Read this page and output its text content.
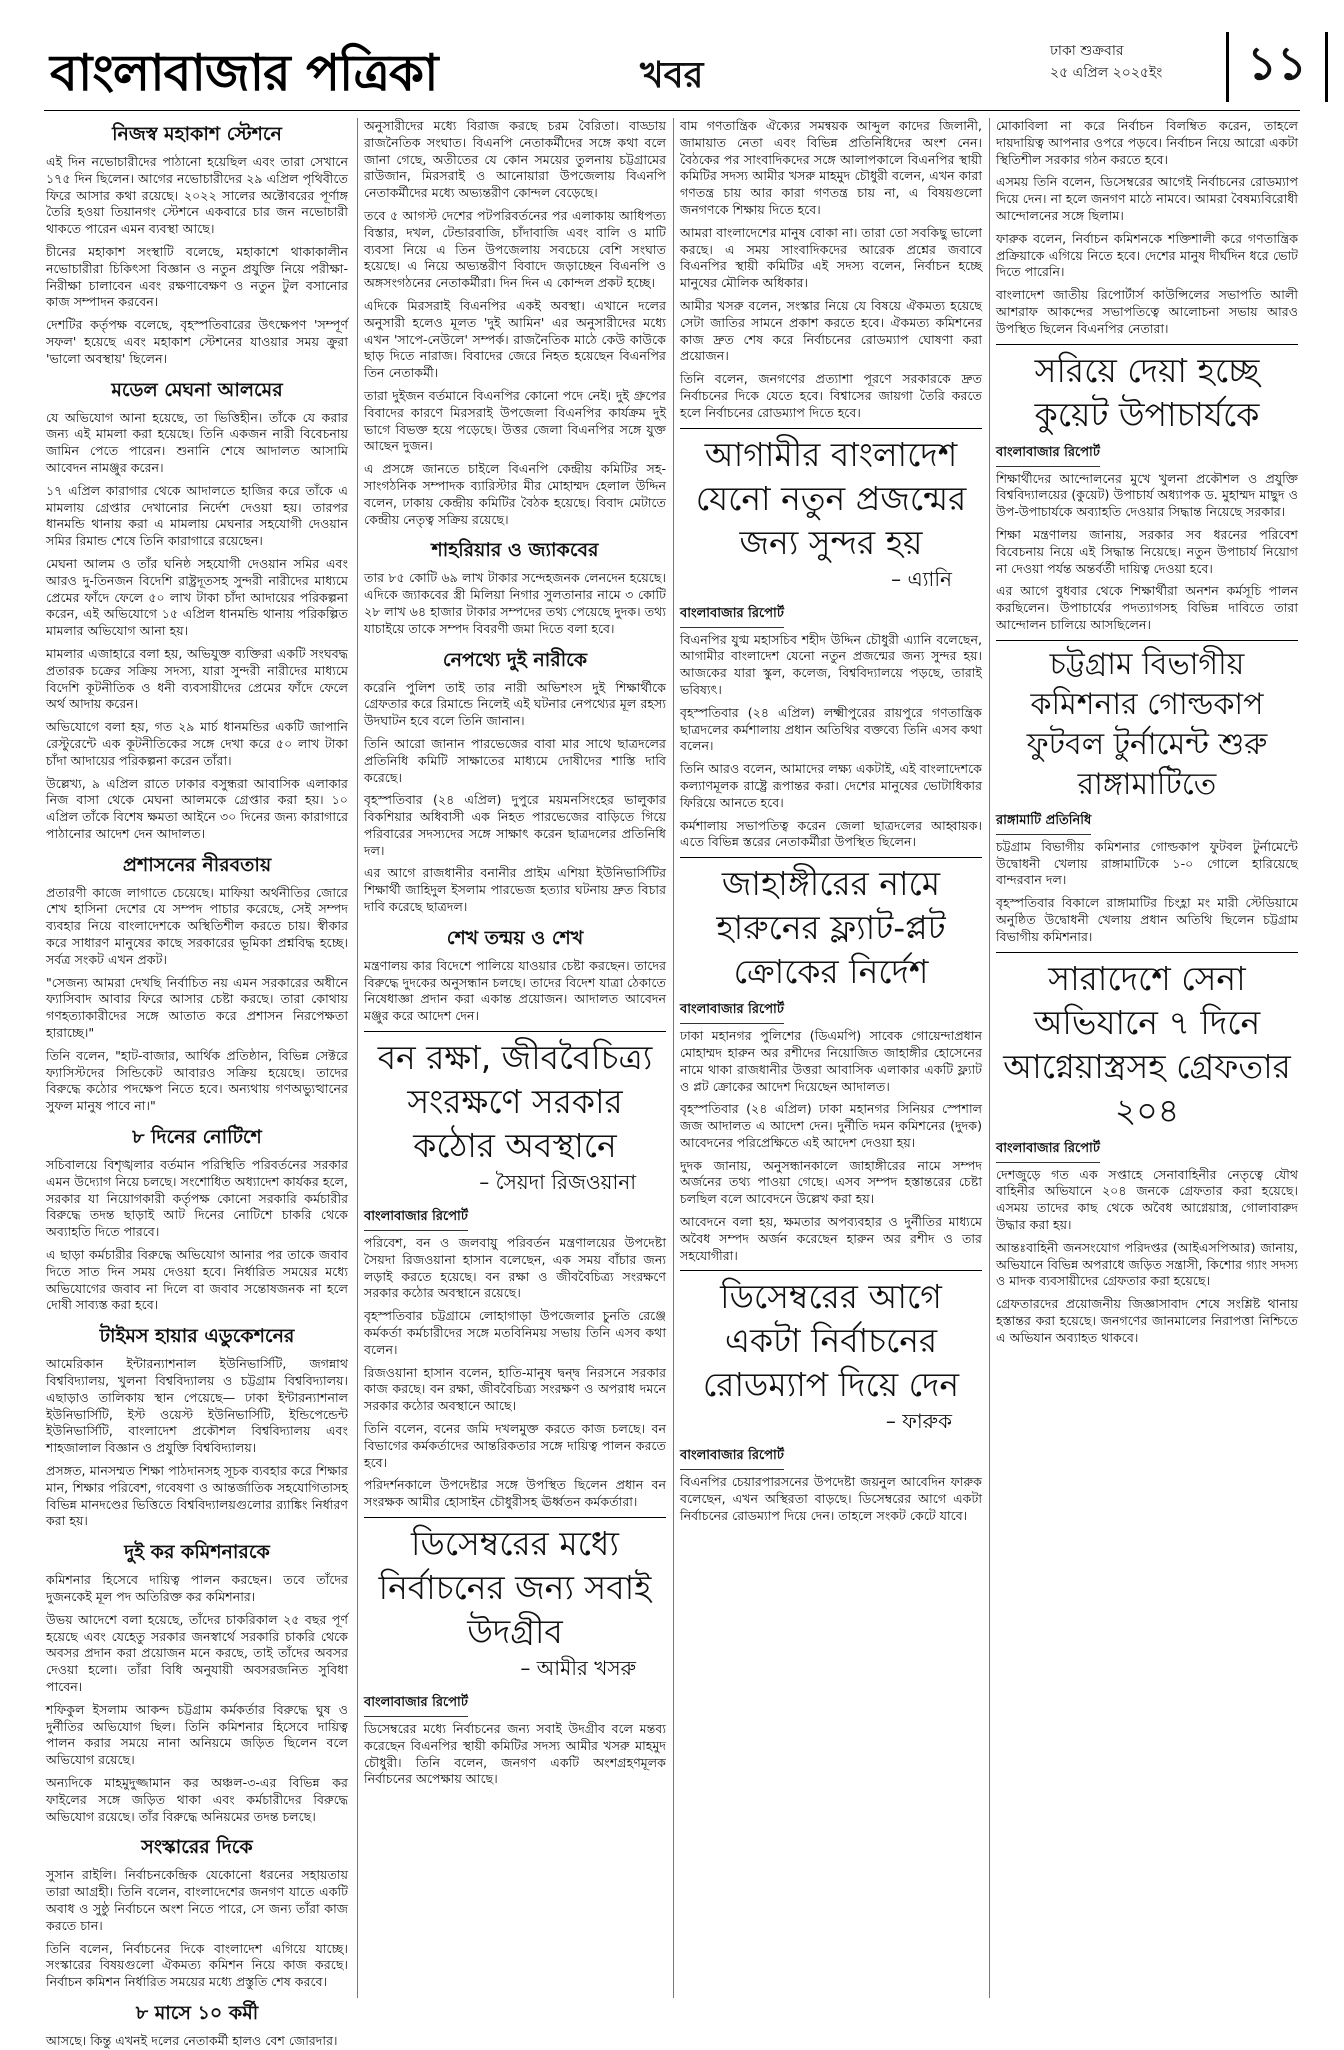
বাংলাবাজার পত্রিকা	খবর
ঢাকা শুক্রবার
২৫ এপ্রিল ২০২৫ইং	১১
নিজস্ব মহাকাশ স্টেশনে

এই দিন নভোচারীদের পাঠানো হয়েছিল এবং তারা সেখানে ১৭৫ দিন ছিলেন। আগের নভোচারীদের ২৯ এপ্রিল পৃথিবীতে ফিরে আসার কথা রয়েছে। ২০২২ সালের অক্টোবরের পূর্ণাঙ্গ তৈরি হওয়া তিয়ানগং স্টেশনে একবারে চার জন নভোচারী থাকতে পারেন এমন ব্যবস্থা আছে।

চীনের মহাকাশ সংস্থাটি বলেছে, মহাকাশে থাকাকালীন নভোচারীরা চিকিৎসা বিজ্ঞান ও নতুন প্রযুক্তি নিয়ে পরীক্ষা-নিরীক্ষা চালাবেন এবং রক্ষণাবেক্ষণ ও নতুন টুল বসানোর কাজ সম্পাদন করবেন।

দেশটির কর্তৃপক্ষ বলেছে, বৃহস্পতিবারের উৎক্ষেপণ 'সম্পূর্ণ সফল' হয়েছে এবং মহাকাশ স্টেশনের যাওয়ার সময় ক্রুরা 'ভালো অবস্থায়' ছিলেন।

মডেল মেঘনা আলমের

যে অভিযোগ আনা হয়েছে, তা ভিত্তিহীন। তাঁকে যে করার জন্য এই মামলা করা হয়েছে। তিনি একজন নারী বিবেচনায় জামিন পেতে পারেন। শুনানি শেষে আদালত আসামি আবেদন নামঞ্জুর করেন।

১৭ এপ্রিল কারাগার থেকে আদালতে হাজির করে তাঁকে এ মামলায় গ্রেপ্তার দেখানোর নির্দেশ দেওয়া হয়। তারপর ধানমন্ডি থানায় করা এ মামলায় মেঘনার সহযোগী দেওয়ান সমির রিমান্ড শেষে তিনি কারাগারে রয়েছেন।

মেঘনা আলম ও তাঁর ঘনিষ্ঠ সহযোগী দেওয়ান সমির এবং আরও দু-তিনজন বিদেশি রাষ্ট্রদূতসহ সুন্দরী নারীদের মাধ্যমে প্রেমের ফাঁদে ফেলে ৫০ লাখ টাকা চাঁদা আদায়ের পরিকল্পনা করেন, এই অভিযোগে ১৫ এপ্রিল ধানমন্ডি থানায় পরিকল্পিত মামলার অভিযোগ আনা হয়।

মামলার এজাহারে বলা হয়, অভিযুক্ত ব্যক্তিরা একটি সংঘবদ্ধ প্রতারক চক্রের সক্রিয় সদস্য, যারা সুন্দরী নারীদের মাধ্যমে বিদেশি কূটনীতিক ও ধনী ব্যবসায়ীদের প্রেমের ফাঁদে ফেলে অর্থ আদায় করেন।

অভিযোগে বলা হয়, গত ২৯ মার্চ ধানমন্ডির একটি জাপানি রেস্টুরেন্টে এক কূটনীতিকের সঙ্গে দেখা করে ৫০ লাখ টাকা চাঁদা আদায়ের পরিকল্পনা করেন তাঁরা।

উল্লেখ্য, ৯ এপ্রিল রাতে ঢাকার বসুন্ধরা আবাসিক এলাকার নিজ বাসা থেকে মেঘনা আলমকে গ্রেপ্তার করা হয়। ১০ এপ্রিল তাঁকে বিশেষ ক্ষমতা আইনে ৩০ দিনের জন্য কারাগারে পাঠানোর আদেশ দেন আদালত।

প্রশাসনের নীরবতায়

প্রতারণী কাজে লাগাতে চেয়েছে। মাফিয়া অর্থনীতির জোরে শেখ হাসিনা দেশের যে সম্পদ পাচার করেছে, সেই সম্পদ ব্যবহার নিয়ে বাংলাদেশকে অস্থিতিশীল করতে চায়। স্বীকার করে সাধারণ মানুষের কাছে সরকারের ভূমিকা প্রশ্নবিদ্ধ হচ্ছে। সর্বত্র সংকট এখন প্রকট।

"সেজন্য আমরা দেখছি নির্বাচিত নয় এমন সরকারের অধীনে ফ্যাসিবাদ আবার ফিরে আসার চেষ্টা করছে। তারা কোথায় গণহত্যাকারীদের সঙ্গে আতাত করে প্রশাসন নিরপেক্ষতা হারাচ্ছে।"

তিনি বলেন, "হাট-বাজার, আর্থিক প্রতিষ্ঠান, বিভিন্ন সেক্টরে ফ্যাসিস্টদের সিন্ডিকেট আবারও সক্রিয় হয়েছে। তাদের বিরুদ্ধে কঠোর পদক্ষেপ নিতে হবে। অন্যথায় গণঅভ্যুত্থানের সুফল মানুষ পাবে না।"

৮ দিনের নোটিশে

সচিবালয়ে বিশৃঙ্খলার বর্তমান পরিস্থিতি পরিবর্তনের সরকার এমন উদ্যোগ নিয়ে চলছে। সংশোধিত অধ্যাদেশ কার্যকর হলে, সরকার যা নিয়োগকারী কর্তৃপক্ষ কোনো সরকারি কর্মচারীর বিরুদ্ধে তদন্ত ছাড়াই আট দিনের নোটিশে চাকরি থেকে অব্যাহতি দিতে পারবে।

এ ছাড়া কর্মচারীর বিরুদ্ধে অভিযোগ আনার পর তাকে জবাব দিতে সাত দিন সময় দেওয়া হবে। নির্ধারিত সময়ের মধ্যে অভিযোগের জবাব না দিলে বা জবাব সন্তোষজনক না হলে দোষী সাব্যস্ত করা হবে।

টাইমস হায়ার এডুকেশনের

আমেরিকান ইন্টারন্যাশনাল ইউনিভার্সিটি, জগন্নাথ বিশ্ববিদ্যালয়, খুলনা বিশ্ববিদ্যালয় ও চট্টগ্রাম বিশ্ববিদ্যালয়। এছাড়াও তালিকায় স্থান পেয়েছে— ঢাকা ইন্টারন্যাশনাল ইউনিভার্সিটি, ইস্ট ওয়েস্ট ইউনিভার্সিটি, ইন্ডিপেন্ডেন্ট ইউনিভার্সিটি, বাংলাদেশ প্রকৌশল বিশ্ববিদ্যালয় এবং শাহজালাল বিজ্ঞান ও প্রযুক্তি বিশ্ববিদ্যালয়।

প্রসঙ্গত, মানসম্মত শিক্ষা পাঠদানসহ সূচক ব্যবহার করে শিক্ষার মান, শিক্ষার পরিবেশ, গবেষণা ও আন্তর্জাতিক সহযোগিতাসহ বিভিন্ন মানদণ্ডের ভিত্তিতে বিশ্ববিদ্যালয়গুলোর র‍্যাঙ্কিং নির্ধারণ করা হয়।

দুই কর কমিশনারকে

কমিশনার হিসেবে দায়িত্ব পালন করছেন। তবে তাঁদের দুজনকেই মূল পদ অতিরিক্ত কর কমিশনার।

উভয় আদেশে বলা হয়েছে, তাঁদের চাকরিকাল ২৫ বছর পূর্ণ হয়েছে এবং যেহেতু সরকার জনস্বার্থে সরকারি চাকরি থেকে অবসর প্রদান করা প্রয়োজন মনে করছে, তাই তাঁদের অবসর দেওয়া হলো। তাঁরা বিধি অনুযায়ী অবসরজনিত সুবিধা পাবেন।

শফিকুল ইসলাম আকন্দ চট্টগ্রাম কর্মকর্তার বিরুদ্ধে ঘুষ ও দুর্নীতির অভিযোগ ছিল। তিনি কমিশনার হিসেবে দায়িত্ব পালন করার সময়ে নানা অনিয়মে জড়িত ছিলেন বলে অভিযোগ রয়েছে।

অন্যদিকে মাহমুদুজ্জামান কর অঞ্চল-৩-এর বিভিন্ন কর ফাইলের সঙ্গে জড়িত থাকা এবং কর্মচারীদের বিরুদ্ধে অভিযোগ রয়েছে। তাঁর বিরুদ্ধে অনিয়মের তদন্ত চলছে।

সংস্কারের দিকে

সুসান রাইলি। নির্বাচনকেন্দ্রিক যেকোনো ধরনের সহায়তায় তারা আগ্রহী। তিনি বলেন, বাংলাদেশের জনগণ যাতে একটি অবাধ ও সুষ্ঠু নির্বাচনে অংশ নিতে পারে, সে জন্য তাঁরা কাজ করতে চান।

তিনি বলেন, নির্বাচনের দিকে বাংলাদেশ এগিয়ে যাচ্ছে। সংস্কারের বিষয়গুলো ঐকমত্য কমিশন নিয়ে কাজ করছে। নির্বাচন কমিশন নির্ধারিত সময়ের মধ্যে প্রস্তুতি শেষ করবে।

৮ মাসে ১০ কর্মী

আসছে। কিন্তু এখনই দলের নেতাকর্মী হালও বেশ জোরদার।

অনুসারীদের মধ্যে বিরাজ করছে চরম বৈরিতা। বাড্ডায় রাজনৈতিক সংঘাত। বিএনপি নেতাকর্মীদের সঙ্গে কথা বলে জানা গেছে, অতীতের যে কোন সময়ের তুলনায় চট্টগ্রামের রাউজান, মিরসরাই ও আনোয়ারা উপজেলায় বিএনপি নেতাকর্মীদের মধ্যে অভ্যন্তরীণ কোন্দল বেড়েছে।

তবে ৫ আগস্ট দেশের পটপরিবর্তনের পর এলাকায় আধিপত্য বিস্তার, দখল, টেন্ডারবাজি, চাঁদাবাজি এবং বালি ও মাটি ব্যবসা নিয়ে এ তিন উপজেলায় সবচেয়ে বেশি সংঘাত হয়েছে। এ নিয়ে অভ্যন্তরীণ বিবাদে জড়াচ্ছেন বিএনপি ও অঙ্গসংগঠনের নেতাকর্মীরা। দিন দিন এ কোন্দল প্রকট হচ্ছে।

এদিকে মিরসরাই বিএনপির একই অবস্থা। এখানে দলের অনুসারী হলেও মূলত 'দুই আমিন' এর অনুসারীদের মধ্যে এখন 'সাপে-নেউলে' সম্পর্ক। রাজনৈতিক মাঠে কেউ কাউকে ছাড় দিতে নারাজ। বিবাদের জেরে নিহত হয়েছেন বিএনপির তিন নেতাকর্মী।

তারা দুইজন বর্তমানে বিএনপির কোনো পদে নেই। দুই গ্রুপের বিবাদের কারণে মিরসরাই উপজেলা বিএনপির কার্যক্রম দুই ভাগে বিভক্ত হয়ে পড়েছে। উত্তর জেলা বিএনপির সঙ্গে যুক্ত আছেন দুজন।

এ প্রসঙ্গে জানতে চাইলে বিএনপি কেন্দ্রীয় কমিটির সহ-সাংগঠনিক সম্পাদক ব্যারিস্টার মীর মোহাম্মদ হেলাল উদ্দিন বলেন, ঢাকায় কেন্দ্রীয় কমিটির বৈঠক হয়েছে। বিবাদ মেটাতে কেন্দ্রীয় নেতৃত্ব সক্রিয় রয়েছে।

শাহরিয়ার ও জ্যাকবের

তার ৮৫ কোটি ৬৯ লাখ টাকার সন্দেহজনক লেনদেন হয়েছে। এদিকে জ্যাকবের স্ত্রী মিলিয়া নিগার সুলতানার নামে ৩ কোটি ২৮ লাখ ৬৪ হাজার টাকার সম্পদের তথ্য পেয়েছে দুদক। তথ্য যাচাইয়ে তাকে সম্পদ বিবরণী জমা দিতে বলা হবে।

নেপথ্যে দুই নারীকে

করেনি পুলিশ তাই তার নারী অভিশংস দুই শিক্ষার্থীকে গ্রেফতার করে রিমান্ডে নিলেই এই ঘটনার নেপথ্যের মূল রহস্য উদঘাটন হবে বলে তিনি জানান।

তিনি আরো জানান পারভেজের বাবা মার সাথে ছাত্রদলের প্রতিনিধি কমিটি সাক্ষাতের মাধ্যমে দোষীদের শাস্তি দাবি করেছে।

বৃহস্পতিবার (২৪ এপ্রিল) দুপুরে ময়মনসিংহের ভালুকার বিকশিয়ার অধিবাসী এক নিহত পারভেজের বাড়িতে গিয়ে পরিবারের সদস্যদের সঙ্গে সাক্ষাৎ করেন ছাত্রদলের প্রতিনিধি দল।

এর আগে রাজধানীর বনানীর প্রাইম এশিয়া ইউনিভার্সিটির শিক্ষার্থী জাহিদুল ইসলাম পারভেজ হত্যার ঘটনায় দ্রুত বিচার দাবি করেছে ছাত্রদল।

শেখ তন্ময় ও শেখ

মন্ত্রণালয় কার বিদেশে পালিয়ে যাওয়ার চেষ্টা করছেন। তাদের বিরুদ্ধে দুদকের অনুসন্ধান চলছে। তাদের বিদেশ যাত্রা ঠেকাতে নিষেধাজ্ঞা প্রদান করা একান্ত প্রয়োজন। আদালত আবেদন মঞ্জুর করে আদেশ দেন।

বন রক্ষা, জীববৈচিত্র্য সংরক্ষণে সরকার কঠোর অবস্থানে
– সৈয়দা রিজওয়ানা
বাংলাবাজার রিপোর্ট

পরিবেশ, বন ও জলবায়ু পরিবর্তন মন্ত্রণালয়ের উপদেষ্টা সৈয়দা রিজওয়ানা হাসান বলেছেন, এক সময় বাঁচার জন্য লড়াই করতে হয়েছে। বন রক্ষা ও জীববৈচিত্র্য সংরক্ষণে সরকার কঠোর অবস্থানে রয়েছে।

বৃহস্পতিবার চট্টগ্রামে লোহাগাড়া উপজেলার চুনতি রেঞ্জে কর্মকর্তা কর্মচারীদের সঙ্গে মতবিনিময় সভায় তিনি এসব কথা বলেন।

রিজওয়ানা হাসান বলেন, হাতি-মানুষ দ্বন্দ্ব নিরসনে সরকার কাজ করছে। বন রক্ষা, জীববৈচিত্র্য সংরক্ষণ ও অপরাধ দমনে সরকার কঠোর অবস্থানে আছে।

তিনি বলেন, বনের জমি দখলমুক্ত করতে কাজ চলছে। বন বিভাগের কর্মকর্তাদের আন্তরিকতার সঙ্গে দায়িত্ব পালন করতে হবে।

পরিদর্শনকালে উপদেষ্টার সঙ্গে উপস্থিত ছিলেন প্রধান বন সংরক্ষক আমীর হোসাইন চৌধুরীসহ ঊর্ধ্বতন কর্মকর্তারা।

ডিসেম্বরের মধ্যে নির্বাচনের জন্য সবাই উদগ্রীব
– আমীর খসরু
বাংলাবাজার রিপোর্ট

ডিসেম্বরের মধ্যে নির্বাচনের জন্য সবাই উদগ্রীব বলে মন্তব্য করেছেন বিএনপির স্থায়ী কমিটির সদস্য আমীর খসরু মাহমুদ চৌধুরী। তিনি বলেন, জনগণ একটি অংশগ্রহণমূলক নির্বাচনের অপেক্ষায় আছে।

বাম গণতান্ত্রিক ঐক্যের সমন্বয়ক আব্দুল কাদের জিলানী, জামায়াত নেতা এবং বিভিন্ন প্রতিনিধিদের অংশ নেন। বৈঠকের পর সাংবাদিকদের সঙ্গে আলাপকালে বিএনপির স্থায়ী কমিটির সদস্য আমীর খসরু মাহমুদ চৌধুরী বলেন, এখন কারা গণতন্ত্র চায় আর কারা গণতন্ত্র চায় না, এ বিষয়গুলো জনগণকে শিক্ষায় দিতে হবে।

আমরা বাংলাদেশের মানুষ বোকা না। তারা তো সবকিছু ভালো করছে। এ সময় সাংবাদিকদের আরেক প্রশ্নের জবাবে বিএনপির স্থায়ী কমিটির এই সদস্য বলেন, নির্বাচন হচ্ছে মানুষের মৌলিক অধিকার।

আমীর খসরু বলেন, সংস্কার নিয়ে যে বিষয়ে ঐকমত্য হয়েছে সেটা জাতির সামনে প্রকাশ করতে হবে। ঐকমত্য কমিশনের কাজ দ্রুত শেষ করে নির্বাচনের রোডম্যাপ ঘোষণা করা প্রয়োজন।

তিনি বলেন, জনগণের প্রত্যাশা পূরণে সরকারকে দ্রুত নির্বাচনের দিকে যেতে হবে। বিশ্বাসের জায়গা তৈরি করতে হলে নির্বাচনের রোডম্যাপ দিতে হবে।

আগামীর বাংলাদেশ যেনো নতুন প্রজন্মের জন্য সুন্দর হয়
– এ্যানি
বাংলাবাজার রিপোর্ট

বিএনপির যুগ্ম মহাসচিব শহীদ উদ্দিন চৌধুরী এ্যানি বলেছেন, আগামীর বাংলাদেশ যেনো নতুন প্রজন্মের জন্য সুন্দর হয়। আজকের যারা স্কুল, কলেজ, বিশ্ববিদ্যালয়ে পড়ছে, তারাই ভবিষ্যৎ।

বৃহস্পতিবার (২৪ এপ্রিল) লক্ষ্মীপুরের রায়পুরে গণতান্ত্রিক ছাত্রদলের কর্মশালায় প্রধান অতিথির বক্তব্যে তিনি এসব কথা বলেন।

তিনি আরও বলেন, আমাদের লক্ষ্য একটাই, এই বাংলাদেশকে কল্যাণমূলক রাষ্ট্রে রূপান্তর করা। দেশের মানুষের ভোটাধিকার ফিরিয়ে আনতে হবে।

কর্মশালায় সভাপতিত্ব করেন জেলা ছাত্রদলের আহ্বায়ক। এতে বিভিন্ন স্তরের নেতাকর্মীরা উপস্থিত ছিলেন।

জাহাঙ্গীরের নামে হারুনের ফ্ল্যাট-প্লট ক্রোকের নির্দেশ
বাংলাবাজার রিপোর্ট

ঢাকা মহানগর পুলিশের (ডিএমপি) সাবেক গোয়েন্দাপ্রধান মোহাম্মদ হারুন অর রশীদের নিয়োজিত জাহাঙ্গীর হোসেনের নামে থাকা রাজধানীর উত্তরা আবাসিক এলাকার একটি ফ্ল্যাট ও প্লট ক্রোকের আদেশ দিয়েছেন আদালত।

বৃহস্পতিবার (২৪ এপ্রিল) ঢাকা মহানগর সিনিয়র স্পেশাল জজ আদালত এ আদেশ দেন। দুর্নীতি দমন কমিশনের (দুদক) আবেদনের পরিপ্রেক্ষিতে এই আদেশ দেওয়া হয়।

দুদক জানায়, অনুসন্ধানকালে জাহাঙ্গীরের নামে সম্পদ অর্জনের তথ্য পাওয়া গেছে। এসব সম্পদ হস্তান্তরের চেষ্টা চলছিল বলে আবেদনে উল্লেখ করা হয়।

আবেদনে বলা হয়, ক্ষমতার অপব্যবহার ও দুর্নীতির মাধ্যমে অবৈধ সম্পদ অর্জন করেছেন হারুন অর রশীদ ও তার সহযোগীরা।

ডিসেম্বরের আগে একটা নির্বাচনের রোডম্যাপ দিয়ে দেন
– ফারুক
বাংলাবাজার রিপোর্ট

বিএনপির চেয়ারপারসনের উপদেষ্টা জয়নুল আবেদিন ফারুক বলেছেন, এখন অস্থিরতা বাড়ছে। ডিসেম্বরের আগে একটা নির্বাচনের রোডম্যাপ দিয়ে দেন। তাহলে সংকট কেটে যাবে।

মোকাবিলা না করে নির্বাচন বিলম্বিত করেন, তাহলে দায়দায়িত্ব আপনার ওপরে পড়বে। নির্বাচন নিয়ে আরো একটা স্থিতিশীল সরকার গঠন করতে হবে।

এসময় তিনি বলেন, ডিসেম্বরের আগেই নির্বাচনের রোডম্যাপ দিয়ে দেন। না হলে জনগণ মাঠে নামবে। আমরা বৈষম্যবিরোধী আন্দোলনের সঙ্গে ছিলাম।

ফারুক বলেন, নির্বাচন কমিশনকে শক্তিশালী করে গণতান্ত্রিক প্রক্রিয়াকে এগিয়ে নিতে হবে। দেশের মানুষ দীর্ঘদিন ধরে ভোট দিতে পারেনি।

বাংলাদেশ জাতীয় রিপোর্টার্স কাউন্সিলের সভাপতি আলী আশরাফ আকন্দের সভাপতিত্বে আলোচনা সভায় আরও উপস্থিত ছিলেন বিএনপির নেতারা।

সরিয়ে দেয়া হচ্ছে কুয়েট উপাচার্যকে
বাংলাবাজার রিপোর্ট

শিক্ষার্থীদের আন্দোলনের মুখে খুলনা প্রকৌশল ও প্রযুক্তি বিশ্ববিদ্যালয়ের (কুয়েট) উপাচার্য অধ্যাপক ড. মুহাম্মদ মাছুদ ও উপ-উপাচার্যকে অব্যাহতি দেওয়ার সিদ্ধান্ত নিয়েছে সরকার।

শিক্ষা মন্ত্রণালয় জানায়, সরকার সব ধরনের পরিবেশ বিবেচনায় নিয়ে এই সিদ্ধান্ত নিয়েছে। নতুন উপাচার্য নিয়োগ না দেওয়া পর্যন্ত অন্তর্বর্তী দায়িত্ব দেওয়া হবে।

এর আগে বুধবার থেকে শিক্ষার্থীরা অনশন কর্মসূচি পালন করছিলেন। উপাচার্যের পদত্যাগসহ বিভিন্ন দাবিতে তারা আন্দোলন চালিয়ে আসছিলেন।

চট্টগ্রাম বিভাগীয় কমিশনার গোল্ডকাপ ফুটবল টুর্নামেন্ট শুরু রাঙ্গামাটিতে
রাঙ্গামাটি প্রতিনিধি

চট্টগ্রাম বিভাগীয় কমিশনার গোল্ডকাপ ফুটবল টুর্নামেন্টে উদ্বোধনী খেলায় রাঙ্গামাটিকে ১-০ গোলে হারিয়েছে বান্দরবান দল।

বৃহস্পতিবার বিকালে রাঙ্গামাটির চিংহ্লা মং মারী স্টেডিয়ামে অনুষ্ঠিত উদ্বোধনী খেলায় প্রধান অতিথি ছিলেন চট্টগ্রাম বিভাগীয় কমিশনার।

সারাদেশে সেনা অভিযানে ৭ দিনে আগ্নেয়াস্ত্রসহ গ্রেফতার ২০৪
বাংলাবাজার রিপোর্ট

দেশজুড়ে গত এক সপ্তাহে সেনাবাহিনীর নেতৃত্বে যৌথ বাহিনীর অভিযানে ২০৪ জনকে গ্রেফতার করা হয়েছে। এসময় তাদের কাছ থেকে অবৈধ আগ্নেয়াস্ত্র, গোলাবারুদ উদ্ধার করা হয়।

আন্তঃবাহিনী জনসংযোগ পরিদপ্তর (আইএসপিআর) জানায়, অভিযানে বিভিন্ন অপরাধে জড়িত সন্ত্রাসী, কিশোর গ্যাং সদস্য ও মাদক ব্যবসায়ীদের গ্রেফতার করা হয়েছে।

গ্রেফতারদের প্রয়োজনীয় জিজ্ঞাসাবাদ শেষে সংশ্লিষ্ট থানায় হস্তান্তর করা হয়েছে। জনগণের জানমালের নিরাপত্তা নিশ্চিতে এ অভিযান অব্যাহত থাকবে।
